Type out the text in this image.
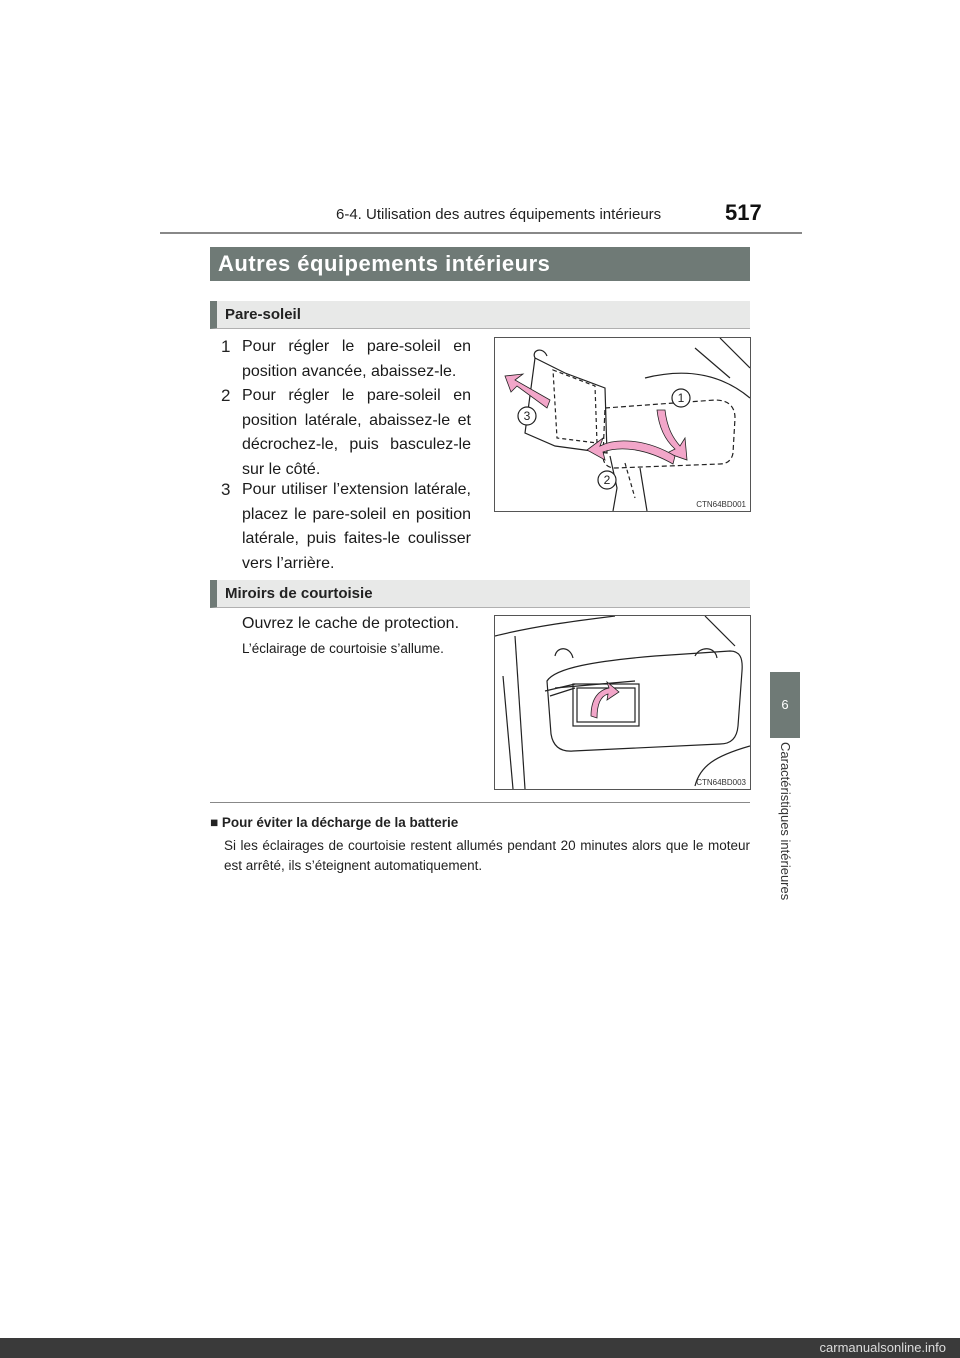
6-4. Utilisation des autres équipements intérieurs	517
6
Caractéristiques intérieures
Autres équipements intérieurs
Pare-soleil
1 Pour régler le pare-soleil en position avancée, abaissez-le.
2 Pour régler le pare-soleil en position latérale, abaissez-le et décrochez-le, puis basculez-le sur le côté.
3 Pour utiliser l’extension latérale, placez le pare-soleil en position latérale, puis faites-le coulisser vers l’arrière.
1
3
2
CTN64BD001
Miroirs de courtoisie
Ouvrez le cache de protection.
L’éclairage de courtoisie s’allume.
CTN64BD003
■ Pour éviter la décharge de la batterie
Si les éclairages de courtoisie restent allumés pendant 20 minutes alors que le moteur est arrêté, ils s’éteignent automatiquement.
carmanualsonline.info
